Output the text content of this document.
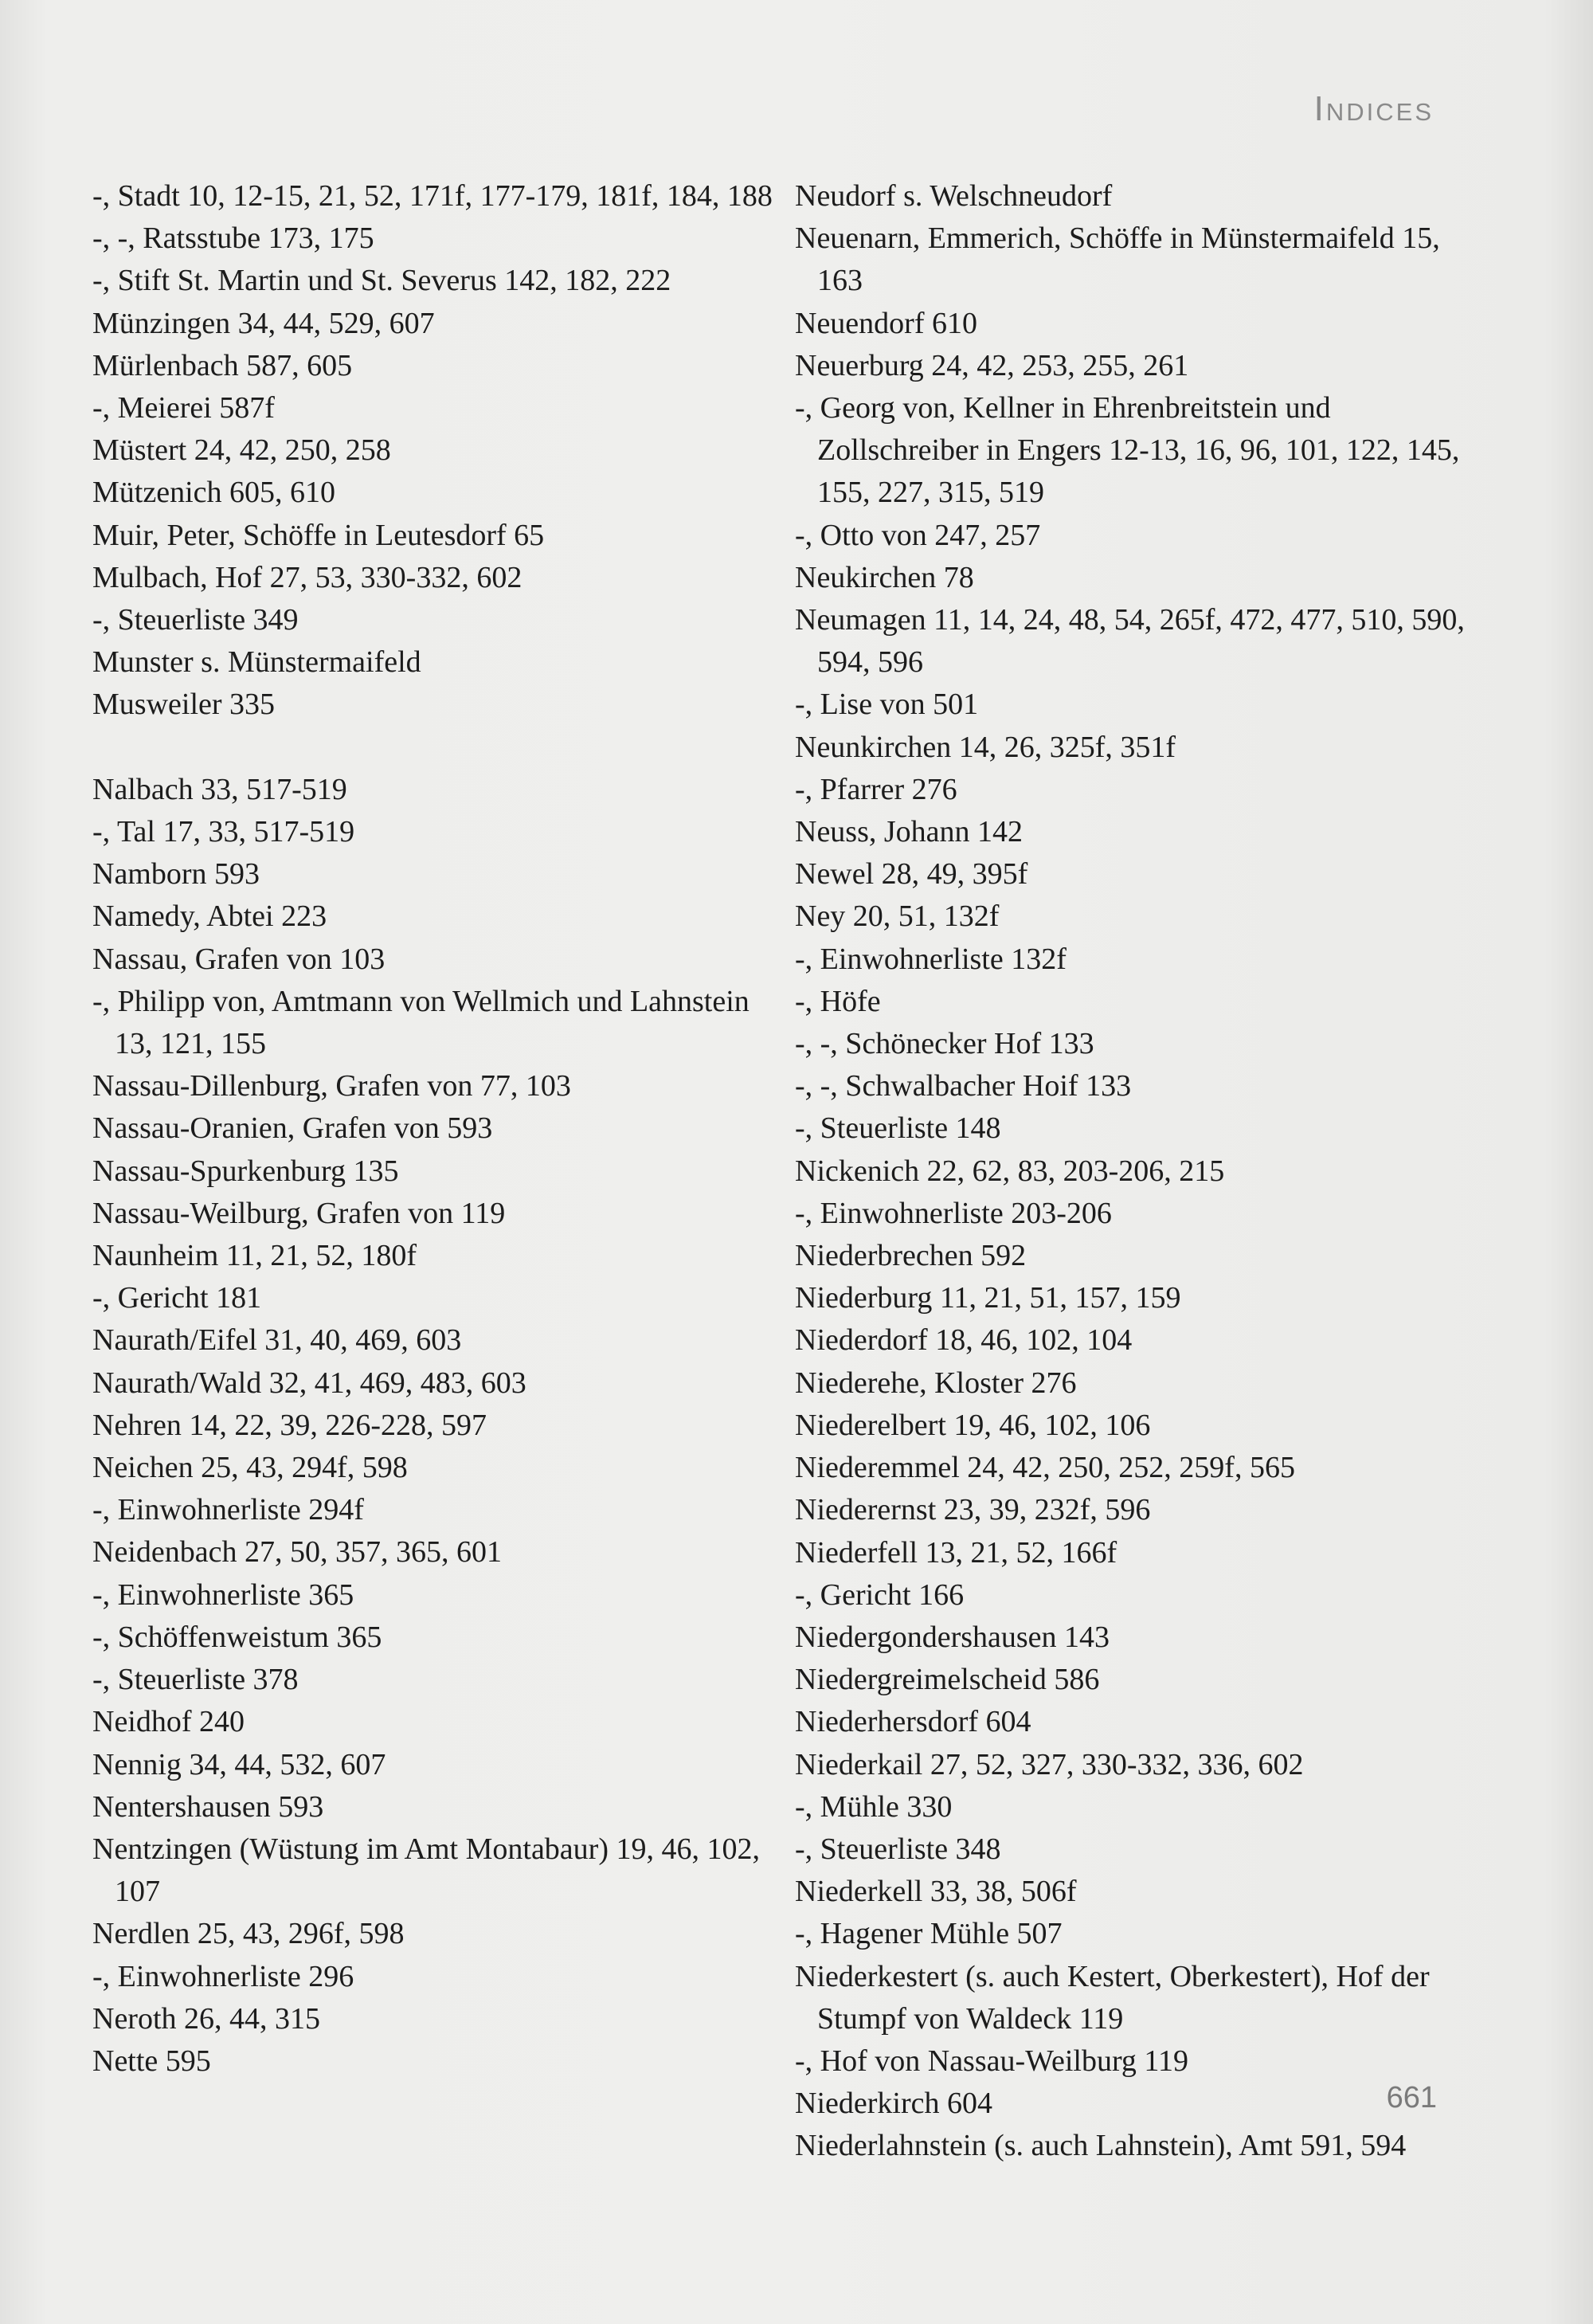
Indices
-, Stadt 10, 12-15, 21, 52, 171f, 177-179, 181f, 184, 188
-, -, Ratsstube 173, 175
-, Stift St. Martin und St. Severus 142, 182, 222
Münzingen 34, 44, 529, 607
Mürlenbach 587, 605
-, Meierei 587f
Müstert 24, 42, 250, 258
Mützenich 605, 610
Muir, Peter, Schöffe in Leutesdorf 65
Mulbach, Hof 27, 53, 330-332, 602
-, Steuerliste 349
Munster s. Münstermaifeld
Musweiler 335
Nalbach 33, 517-519
-, Tal 17, 33, 517-519
Namborn 593
Namedy, Abtei 223
Nassau, Grafen von 103
-, Philipp von, Amtmann von Wellmich und Lahnstein 13, 121, 155
Nassau-Dillenburg, Grafen von 77, 103
Nassau-Oranien, Grafen von 593
Nassau-Spurkenburg 135
Nassau-Weilburg, Grafen von 119
Naunheim 11, 21, 52, 180f
-, Gericht 181
Naurath/Eifel 31, 40, 469, 603
Naurath/Wald 32, 41, 469, 483, 603
Nehren 14, 22, 39, 226-228, 597
Neichen 25, 43, 294f, 598
-, Einwohnerliste 294f
Neidenbach 27, 50, 357, 365, 601
-, Einwohnerliste 365
-, Schöffenweistum 365
-, Steuerliste 378
Neidhof 240
Nennig 34, 44, 532, 607
Nentershausen 593
Nentzingen (Wüstung im Amt Montabaur) 19, 46, 102, 107
Nerdlen 25, 43, 296f, 598
-, Einwohnerliste 296
Neroth 26, 44, 315
Nette 595
Neudorf s. Welschneudorf
Neuenarn, Emmerich, Schöffe in Münstermaifeld 15, 163
Neuendorf 610
Neuerburg 24, 42, 253, 255, 261
-, Georg von, Kellner in Ehrenbreitstein und Zollschreiber in Engers 12-13, 16, 96, 101, 122, 145, 155, 227, 315, 519
-, Otto von 247, 257
Neukirchen 78
Neumagen 11, 14, 24, 48, 54, 265f, 472, 477, 510, 590, 594, 596
-, Lise von 501
Neunkirchen 14, 26, 325f, 351f
-, Pfarrer 276
Neuss, Johann 142
Newel 28, 49, 395f
Ney 20, 51, 132f
-, Einwohnerliste 132f
-, Höfe
-, -, Schönecker Hof 133
-, -, Schwalbacher Hoif 133
-, Steuerliste 148
Nickenich 22, 62, 83, 203-206, 215
-, Einwohnerliste 203-206
Niederbrechen 592
Niederburg 11, 21, 51, 157, 159
Niederdorf 18, 46, 102, 104
Niederehe, Kloster 276
Niederelbert 19, 46, 102, 106
Niederemmel 24, 42, 250, 252, 259f, 565
Niederernst 23, 39, 232f, 596
Niederfell 13, 21, 52, 166f
-, Gericht 166
Niedergondershausen 143
Niedergreimelscheid 586
Niederhersdorf 604
Niederkail 27, 52, 327, 330-332, 336, 602
-, Mühle 330
-, Steuerliste 348
Niederkell 33, 38, 506f
-, Hagener Mühle 507
Niederkestert (s. auch Kestert, Oberkestert), Hof der Stumpf von Waldeck 119
-, Hof von Nassau-Weilburg 119
Niederkirch 604
Niederlahnstein (s. auch Lahnstein), Amt 591, 594
661
